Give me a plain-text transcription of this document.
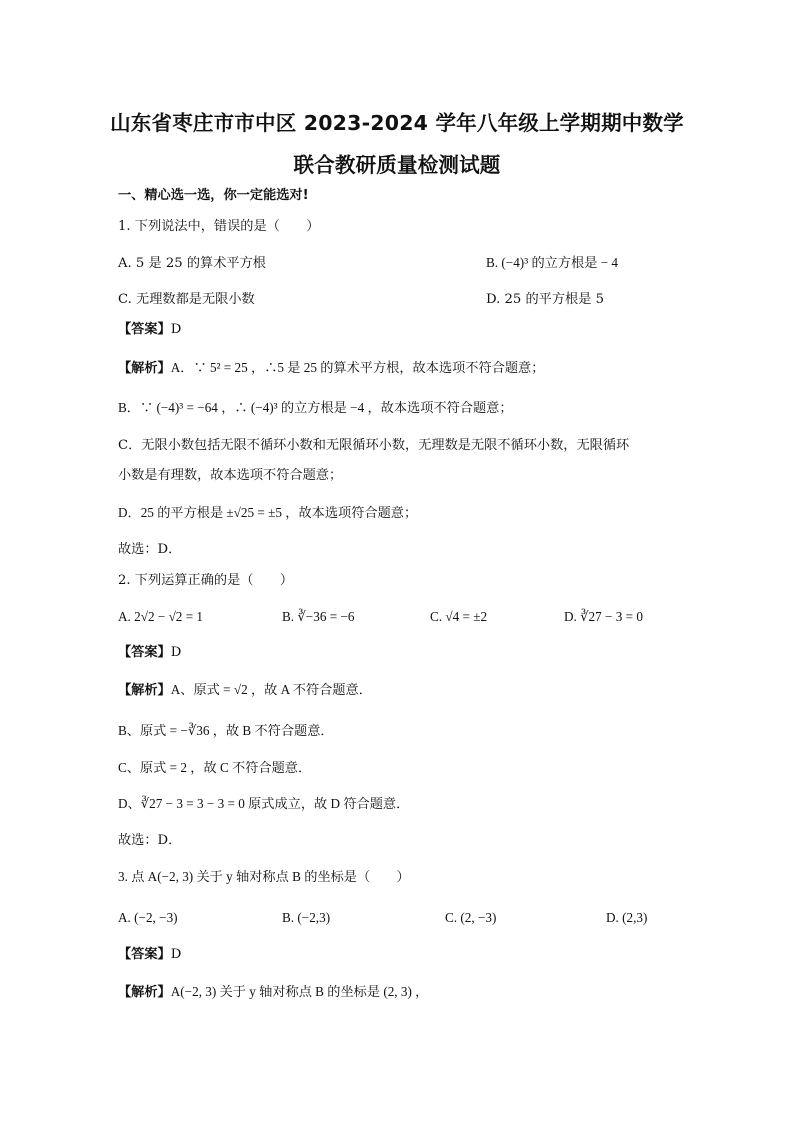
山东省枣庄市市中区 2023-2024 学年八年级上学期期中数学
联合教研质量检测试题
一、精心选一选，你一定能选对!
1. 下列说法中，错误的是（　　）
A. 5 是 25 的算术平方根	B. (−4)³ 的立方根是 − 4
C. 无理数都是无限小数	D. 25 的平方根是 5
【答案】D
【解析】A．∵ 5² = 25 ，∴5 是 25 的算术平方根，故本选项不符合题意；
B．∵ (−4)³ = −64 ，∴ (−4)³ 的立方根是 −4 ，故本选项不符合题意；
C．无限小数包括无限不循环小数和无限循环小数，无理数是无限不循环小数，无限循环
小数是有理数，故本选项不符合题意；
D．25 的平方根是 ±√25 = ±5 ，故本选项符合题意；
故选：D．
2. 下列运算正确的是（　　）
A. 2√2 − √2 = 1	B. ∛−36 = −6	C. √4 = ±2	D. ∛27 − 3 = 0
【答案】D
【解析】A、原式 = √2 ，故 A 不符合题意．
B、原式 = −∛36 ，故 B 不符合题意．
C、原式 = 2 ，故 C 不符合题意．
D、∛27 − 3 = 3 − 3 = 0 原式成立，故 D 符合题意．
故选：D．
3. 点 A(−2, 3) 关于 y 轴对称点 B 的坐标是（　　）
A. (−2, −3)	B. (−2,3)	C. (2, −3)	D. (2,3)
【答案】D
【解析】A(−2, 3) 关于 y 轴对称点 B 的坐标是 (2, 3) ，
